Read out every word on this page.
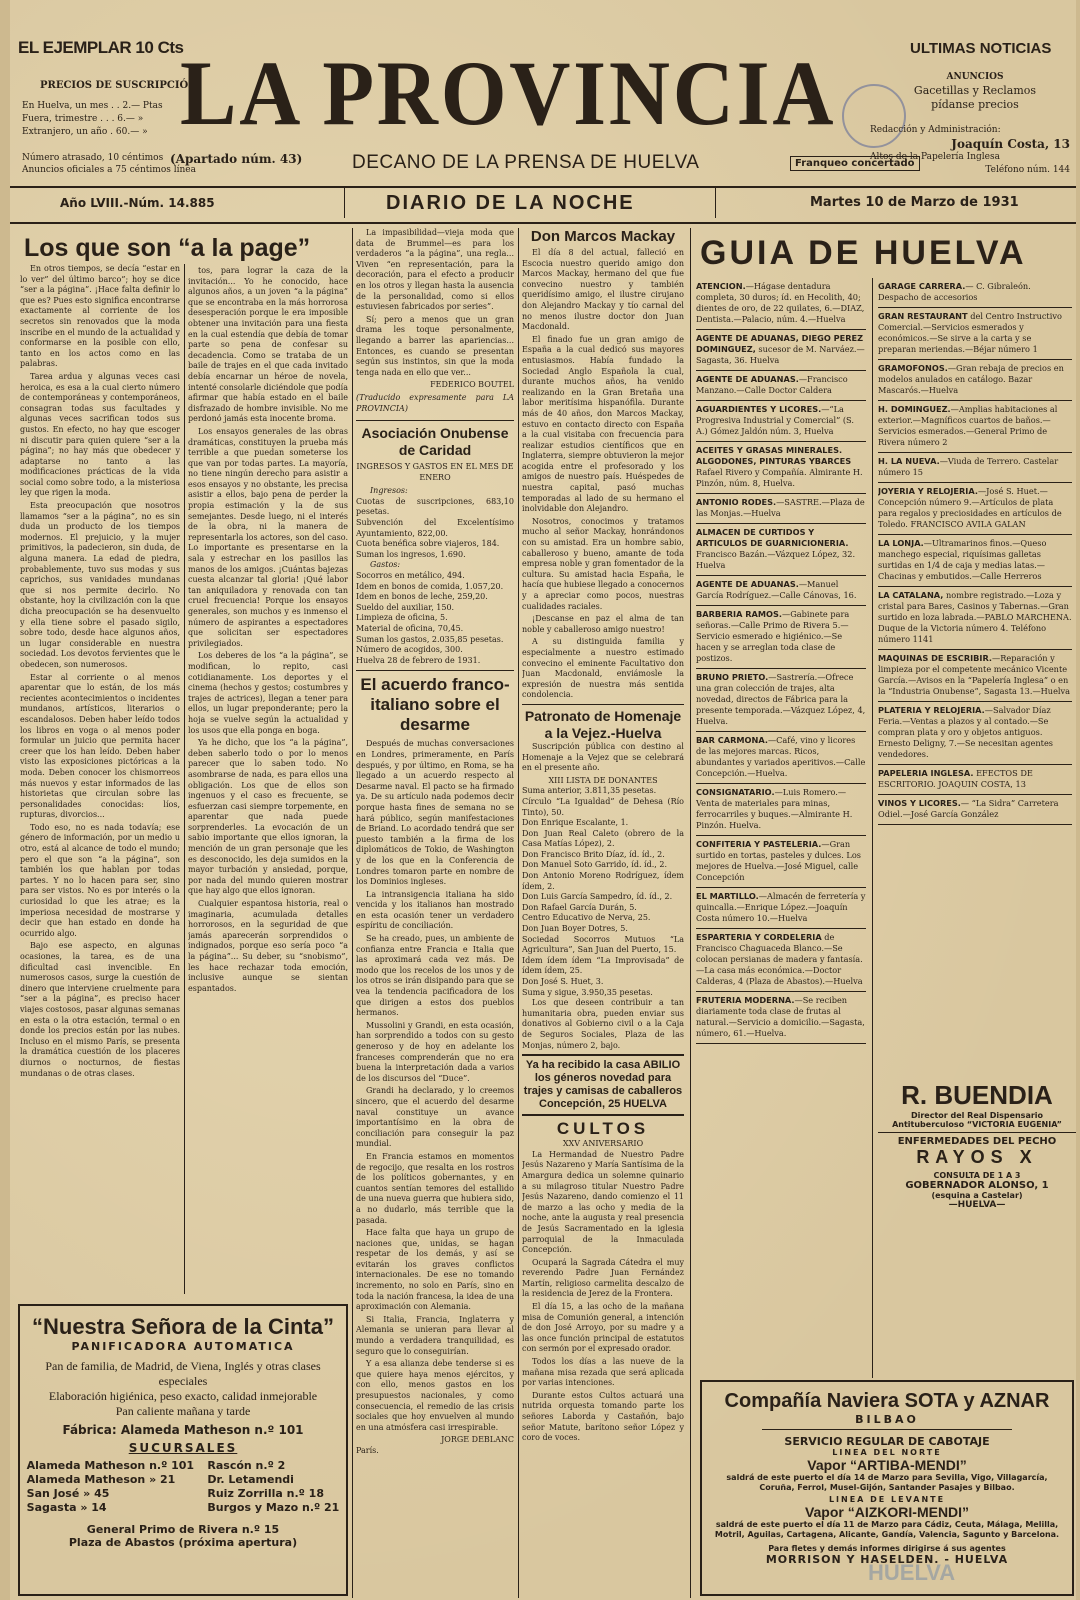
EL EJEMPLAR 10 Cts
PRECIOS DE SUSCRIPCIÓN
En Huelva, un mes . . 2.— Ptas
Fuera, trimestre . . . 6.— »
Extranjero, un año . 60.— »
Número atrasado, 10 céntimos
Anuncios oficiales a 75 céntimos línea
(Apartado núm. 43)
LA PROVINCIA
DECANO DE LA PRENSA DE HUELVA	Franqueo concertado
ULTIMAS NOTICIAS
ANUNCIOS
Gacetillas y Reclamos
pídanse precios
Redacción y Administración:
Joaquín Costa, 13
Altos de la Papelería Inglesa
Teléfono núm. 144
Año LVIII.-Núm. 14.885	DIARIO DE LA NOCHE	Martes 10 de Marzo de 1931

En otros tiempos, se decía “estar en lo ver” del último barco”; hoy se dice “ser a la página”. ¡Hace falta definir lo que es? Pues esto significa encontrarse exactamente al corriente de los secretos sin renovados que la moda inscribe en el mundo de la actualidad y conformarse en la posible con ello, tanto en los actos como en las palabras.

Tarea ardua y algunas veces casi heroica, es esa a la cual cierto número de contemporáneas y contemporáneos, consagran todas sus facultades y algunas veces sacrifican todos sus gustos. En efecto, no hay que escoger ni discutir para quien quiere “ser a la página”; no hay más que obedecer y adaptarse no tanto a las modificaciones prácticas de la vida social como sobre todo, a la misteriosa ley que rigen la moda.

Esta preocupación que nosotros llamamos “ser a la página”, no es sin duda un producto de los tiempos modernos. El prejuicio, y la mujer primitivos, la padecieron, sin duda, de alguna manera. La edad de piedra, probablemente, tuvo sus modas y sus caprichos, sus vanidades mundanas que si nos permite decirlo. No obstante, hoy la civilización con la que dicha preocupación se ha desenvuelto y ella tiene sobre el pasado sigilo, sobre todo, desde hace algunos años, un lugar considerable en nuestra sociedad. Los devotos fervientes que le obedecen, son numerosos.

Estar al corriente o al menos aparentar que lo están, de los más recientes acontecimientos o incidentes mundanos, artísticos, literarios o escandalosos. Deben haber leído todos los libros en voga o al menos poder formular un juicio que permita hacer creer que los han leído. Deben haber visto las exposiciones pictóricas a la moda. Deben conocer los chismorreos más nuevos y estar informados de las historietas que circulan sobre las personalidades conocidas: líos, rupturas, divorcios...

Todo eso, no es nada todavía; ese género de información, por un medio u otro, está al alcance de todo el mundo; pero el que son “a la página”, son también los que hablan por todas partes. Y no lo hacen para ser, sino para ser vistos. No es por interés o la curiosidad lo que les atrae; es la imperiosa necesidad de mostrarse y decir que han estado en donde ha ocurrido algo.

Bajo ese aspecto, en algunas ocasiones, la tarea, es de una dificultad casi invencible. En numerosos casos, surge la cuestión de dinero que interviene cruelmente para “ser a la página”, es preciso hacer viajes costosos, pasar algunas semanas en esta o la otra estación, termal o en donde los precios están por las nubes. Incluso en el mismo París, se presenta la dramática cuestión de los placeres diurnos o nocturnos, de fiestas mundanas o de otras clases.

Los que son “a la page”

tos, para lograr la caza de la invitación... Yo he conocido, hace algunos años, a un joven “a la página” que se encontraba en la más horrorosa desesperación porque le era imposible obtener una invitación para una fiesta en la cual estendía que debía de tomar parte so pena de confesar su decadencia. Como se trataba de un baile de trajes en el que cada invitado debía encarnar un héroe de novela, intenté consolarle diciéndole que podía afirmar que había estado en el baile disfrazado de hombre invisible. No me perdonó jamás esta inocente broma.

Los ensayos generales de las obras dramáticas, constituyen la prueba más terrible a que puedan someterse los que van por todas partes. La mayoría, no tiene ningún derecho para asistir a esos ensayos y no obstante, les precisa asistir a ellos, bajo pena de perder la propia estimación y la de sus semejantes. Desde luego, ni el interés de la obra, ni la manera de representarla los actores, son del caso. Lo importante es presentarse en la sala y estrechar en los pasillos las manos de los amigos. ¡Cuántas bajezas cuesta alcanzar tal gloria! ¡Qué labor tan aniquiladora y renovada con tan cruel frecuencia! Porque los ensayos generales, son muchos y es inmenso el número de aspirantes a espectadores que solicitan ser espectadores privilegiados.

Los deberes de los “a la página”, se modifican, lo repito, casi cotidianamente. Los deportes y el cinema (hechos y gestos; costumbres y trajes de actrices), llegan a tener para ellos, un lugar preponderante; pero la hoja se vuelve según la actualidad y los usos que ella ponga en boga.

Ya he dicho, que los “a la página”, deben saberlo todo o por lo menos parecer que lo saben todo. No asombrarse de nada, es para ellos una obligación. Los que de ellos son ingenuos y el caso es frecuente, se esfuerzan casi siempre torpemente, en aparentar que nada puede sorprenderles. La evocación de un sabio importante que ellos ignoran, la mención de un gran personaje que les es desconocido, les deja sumidos en la mayor turbación y ansiedad, porque, por nada del mundo quieren mostrar que hay algo que ellos ignoran.

Cualquier espantosa historia, real o imaginaria, acumulada detalles horrorosos, en la seguridad de que jamás aparecerán sorprendidos o indignados, porque eso sería poco “a la página”... Su deber, su “snobismo”, les hace rechazar toda emoción, inclusive aunque se sientan espantados.

La impasibilidad—vieja moda que data de Brummel—es para los verdaderos “a la página”, una regla... Viven “en representación, para la decoración, para el efecto a producir en los otros y llegan hasta la ausencia de la personalidad, como si ellos estuviesen fabricados por series”.

Sí; pero a menos que un gran drama les toque personalmente, llegando a barrer las apariencias... Entonces, es cuando se presentan según sus instintos, sin que la moda tenga nada en ello que ver...

FEDERICO BOUTEL
(Traducido expresamente para LA PROVINCIA)
Asociación Onubense de Caridad
INGRESOS Y GASTOS EN EL MES DE ENERO
Ingresos:
Cuotas de suscripciones, 683,10 pesetas.
Subvención del Excelentísimo Ayuntamiento, 822,00.
Cuota benéfica sobre viajeros, 184.
Suman los ingresos, 1.690.
Gastos:
Socorros en metálico, 494.
Idem en bonos de comida, 1.057,20.
Idem en bonos de leche, 259,20.
Sueldo del auxiliar, 150.
Limpieza de oficina, 5.
Material de oficina, 70,45.
Suman los gastos, 2.035,85 pesetas.
Número de acogidos, 300.
Huelva 28 de febrero de 1931.
El acuerdo franco-italiano sobre el desarme

Después de muchas conversaciones en Londres, primeramente, en París después, y por último, en Roma, se ha llegado a un acuerdo respecto al Desarme naval. El pacto se ha firmado ya. De su artículo nada podemos decir porque hasta fines de semana no se hará público, según manifestaciones de Briand. Lo acordado tendrá que ser puesto también a la firma de los diplomáticos de Tokio, de Washington y de los que en la Conferencia de Londres tomaron parte en nombre de los Dominios ingleses.

La intransigencia italiana ha sido vencida y los italianos han mostrado en esta ocasión tener un verdadero espíritu de conciliación.

Se ha creado, pues, un ambiente de confianza entre Francia e Italia que las aproximará cada vez más. De modo que los recelos de los unos y de los otros se irán disipando para que se vea la tendencia pacificadora de los que dirigen a estos dos pueblos hermanos.

Mussolini y Grandi, en esta ocasión, han sorprendido a todos con su gesto generoso y de hoy en adelante los franceses comprenderán que no era buena la interpretación dada a varios de los discursos del “Duce”.

Grandi ha declarado, y lo creemos sincero, que el acuerdo del desarme naval constituye un avance importantísimo en la obra de conciliación para conseguir la paz mundial.

En Francia estamos en momentos de regocijo, que resalta en los rostros de los políticos gobernantes, y en cuantos sentían temores del estallido de una nueva guerra que hubiera sido, a no dudarlo, más terrible que la pasada.

Hace falta que haya un grupo de naciones que, unidas, se hagan respetar de los demás, y así se evitarán los graves conflictos internacionales. De ese no tomando incremento, no solo en París, sino en toda la nación francesa, la idea de una aproximación con Alemania.

Si Italia, Francia, Inglaterra y Alemania se unieran para llevar al mundo a verdadera tranquilidad, es seguro que lo conseguirían.

Y a esa alianza debe tenderse si es que quiere haya menos ejércitos, y con ello, menos gastos en los presupuestos nacionales, y como consecuencia, el remedio de las crisis sociales que hoy envuelven al mundo en una atmósfera casi irrespirable.

JORGE DEBLANC
París.
Don Marcos Mackay

El día 8 del actual, falleció en Escocia nuestro querido amigo don Marcos Mackay, hermano del que fue convecino nuestro y también queridísimo amigo, el ilustre cirujano don Alejandro Mackay y tío carnal del no menos ilustre doctor don Juan Macdonald.

El finado fue un gran amigo de España a la cual dedicó sus mayores entusiasmos. Había fundado la Sociedad Anglo Española la cual, durante muchos años, ha venido realizando en la Gran Bretaña una labor meritísima hispanófila. Durante más de 40 años, don Marcos Mackay, estuvo en contacto directo con España a la cual visitaba con frecuencia para realizar estudios científicos que en Inglaterra, siempre obtuvieron la mejor acogida entre el profesorado y los amigos de nuestro país. Huéspedes de nuestra capital, pasó muchas temporadas al lado de su hermano el inolvidable don Alejandro.

Nosotros, conocimos y tratamos mucho al señor Mackay, honrándonos con su amistad. Era un hombre sabio, caballeroso y bueno, amante de toda empresa noble y gran fomentador de la cultura. Su amistad hacia España, le hacía que hubiese llegado a conocernos y a apreciar como pocos, nuestras cualidades raciales.

¡Descanse en paz el alma de tan noble y caballeroso amigo nuestro!

A su distinguida familia y especialmente a nuestro estimado convecino el eminente Facultativo don Juan Macdonald, enviámosle la expresión de nuestra más sentida condolencia.

Patronato de Homenaje a la Vejez.-Huelva

Suscripción pública con destino al Homenaje a la Vejez que se celebrará en el presente año.

XIII LISTA DE DONANTES
Suma anterior, 3.811,35 pesetas.
Círculo “La Igualdad” de Dehesa (Río Tinto), 50.
Don Enrique Escalante, 1.
Don Juan Real Caleto (obrero de la Casa Matías López), 2.
Don Francisco Brito Díaz, íd. íd., 2.
Don Manuel Soto Garrido, íd. íd., 2.
Don Antonio Moreno Rodríguez, ídem ídem, 2.
Don Luis García Sampedro, íd. íd., 2.
Don Rafael García Durán, 5.
Centro Educativo de Nerva, 25.
Don Juan Boyer Dotres, 5.
Sociedad Socorros Mutuos “La Agricultura”, San Juan del Puerto, 15.
Idem ídem ídem “La Improvisada” de ídem ídem, 25.
Don José S. Huet, 3.
Suma y sigue, 3.950,35 pesetas.

Los que deseen contribuir a tan humanitaria obra, pueden enviar sus donativos al Gobierno civil o a la Caja de Seguros Sociales, Plaza de las Monjas, número 2, bajo.

Ya ha recibido la casa ABILIO los géneros novedad para trajes y camisas de caballeros
Concepción, 25 HUELVA
CULTOS
XXV ANIVERSARIO

La Hermandad de Nuestro Padre Jesús Nazareno y María Santísima de la Amargura dedica un solemne quinario a su milagroso titular Nuestro Padre Jesús Nazareno, dando comienzo el 11 de marzo a las ocho y media de la noche, ante la augusta y real presencia de Jesús Sacramentado en la iglesia parroquial de la Inmaculada Concepción.

Ocupará la Sagrada Cátedra el muy reverendo Padre Juan Fernández Martín, religioso carmelita descalzo de la residencia de Jerez de la Frontera.

El día 15, a las ocho de la mañana misa de Comunión general, a intención de don José Arroyo, por su madre y a las once función principal de estatutos con sermón por el expresado orador.

Todos los días a las nueve de la mañana misa rezada que será aplicada por varias intenciones.

Durante estos Cultos actuará una nutrida orquesta tomando parte los señores Laborda y Castañón, bajo señor Matute, barítono señor López y coro de voces.

GUIA DE HUELVA
ATENCION.—Hágase dentadura completa, 30 duros; íd. en Hecolith, 40; dientes de oro, de 22 quilates, 6.—DIAZ, Dentista.—Palacio, núm. 4.—Huelva
AGENTE DE ADUANAS, DIEGO PEREZ DOMINGUEZ, sucesor de M. Narváez.—Sagasta, 36. Huelva
AGENTE DE ADUANAS.—Francisco Manzano.—Calle Doctor Caldera
AGUARDIENTES Y LICORES.—“La Progresiva Industrial y Comercial” (S. A.) Gómez Jaldón núm. 3, Huelva
ACEITES Y GRASAS MINERALES. ALGODONES, PINTURAS YBARCES Rafael Rivero y Compañía. Almirante H. Pinzón, núm. 8, Huelva.
ANTONIO RODES.—SASTRE.—Plaza de las Monjas.—Huelva
ALMACEN DE CURTIDOS Y ARTICULOS DE GUARNICIONERIA. Francisco Bazán.—Vázquez López, 32. Huelva
AGENTE DE ADUANAS.—Manuel García Rodríguez.—Calle Cánovas, 16.
BARBERIA RAMOS.—Gabinete para señoras.—Calle Primo de Rivera 5.—Servicio esmerado e higiénico.—Se hacen y se arreglan toda clase de postizos.
BRUNO PRIETO.—Sastrería.—Ofrece una gran colección de trajes, alta novedad, directos de Fábrica para la presente temporada.—Vázquez López, 4, Huelva.
BAR CARMONA.—Café, vino y licores de las mejores marcas. Ricos, abundantes y variados aperitivos.—Calle Concepción.—Huelva.
CONSIGNATARIO.—Luis Romero.—Venta de materiales para minas, ferrocarriles y buques.—Almirante H. Pinzón. Huelva.
CONFITERIA Y PASTELERIA.—Gran surtido en tortas, pasteles y dulces. Los mejores de Huelva.—José Miguel, calle Concepción
EL MARTILLO.—Almacén de ferretería y quincalla.—Enrique López.—Joaquín Costa número 10.—Huelva
ESPARTERIA Y CORDELERIA de Francisco Chaguaceda Blanco.—Se colocan persianas de madera y fantasía.—La casa más económica.—Doctor Calderas, 4 (Plaza de Abastos).—Huelva
FRUTERIA MODERNA.—Se reciben diariamente toda clase de frutas al natural.—Servicio a domicilio.—Sagasta, número, 61.—Huelva.
GARAGE CARRERA.— C. Gibraleón. Despacho de accesorios
GRAN RESTAURANT del Centro Instructivo Comercial.—Servicios esmerados y económicos.—Se sirve a la carta y se preparan meriendas.—Béjar número 1
GRAMOFONOS.—Gran rebaja de precios en modelos anulados en catálogo. Bazar Mascarós.—Huelva
H. DOMINGUEZ.—Amplias habitaciones al exterior.—Magníficos cuartos de baños.—Servicios esmerados.—General Primo de Rivera número 2
H. LA NUEVA.—Viuda de Terrero. Castelar número 15
JOYERIA Y RELOJERIA.—José S. Huet.—Concepción número 9.—Artículos de plata para regalos y preciosidades en artículos de Toledo. FRANCISCO AVILA GALAN
LA LONJA.—Ultramarinos finos.—Queso manchego especial, riquísimas galletas surtidas en 1/4 de caja y medias latas.—Chacinas y embutidos.—Calle Herreros
LA CATALANA, nombre registrado.—Loza y cristal para Bares, Casinos y Tabernas.—Gran surtido en loza labrada.—PABLO MARCHENA. Duque de la Victoria número 4. Teléfono número 1141
MAQUINAS DE ESCRIBIR.—Reparación y limpieza por el competente mecánico Vicente García.—Avisos en la “Papelería Inglesa” o en la “Industria Onubense”, Sagasta 13.—Huelva
PLATERIA Y RELOJERIA.—Salvador Díaz Feria.—Ventas a plazos y al contado.—Se compran plata y oro y objetos antiguos. Ernesto Deligny, 7.—Se necesitan agentes vendedores.
PAPELERIA INGLESA. EFECTOS DE ESCRITORIO. JOAQUIN COSTA, 13
VINOS Y LICORES.— “La Sidra” Carretera Odiel.—José García González
R. BUENDIA
Director del Real Dispensario
Antituberculoso “VICTORIA EUGENIA”
ENFERMEDADES DEL PECHO
RAYOS X
CONSULTA DE 1 A 3
GOBERNADOR ALONSO, 1
(esquina a Castelar)
—HUELVA—
“Nuestra Señora de la Cinta”
PANIFICADORA AUTOMATICA
Pan de familia, de Madrid, de Viena, Inglés y otras clases especiales
Elaboración higiénica, peso exacto, calidad inmejorable
Pan caliente mañana y tarde
Fábrica: Alameda Matheson n.º 101
SUCURSALES
Alameda Matheson n.º 101
Alameda Matheson » 21
San José » 45
Sagasta » 14
Rascón n.º 2
Dr. Letamendi
Ruiz Zorrilla n.º 18
Burgos y Mazo n.º 21
General Primo de Rivera n.º 15
Plaza de Abastos (próxima apertura)
Compañía Naviera SOTA y AZNAR
BILBAO
SERVICIO REGULAR DE CABOTAJE
LINEA DEL NORTE
Vapor “ARTIBA-MENDI”
saldrá de este puerto el día 14 de Marzo para Sevilla, Vigo, Villagarcía, Coruña, Ferrol, Musel-Gijón, Santander Pasajes y Bilbao.
LINEA DE LEVANTE
Vapor “AIZKORI-MENDI”
saldrá de este puerto el día 11 de Marzo para Cádiz, Ceuta, Málaga, Melilla, Motril, Aguilas, Cartagena, Alicante, Gandía, Valencia, Sagunto y Barcelona.
Para fletes y demás informes dirigirse á sus agentes
MORRISON Y HASELDEN. - HUELVA
HUELVA
